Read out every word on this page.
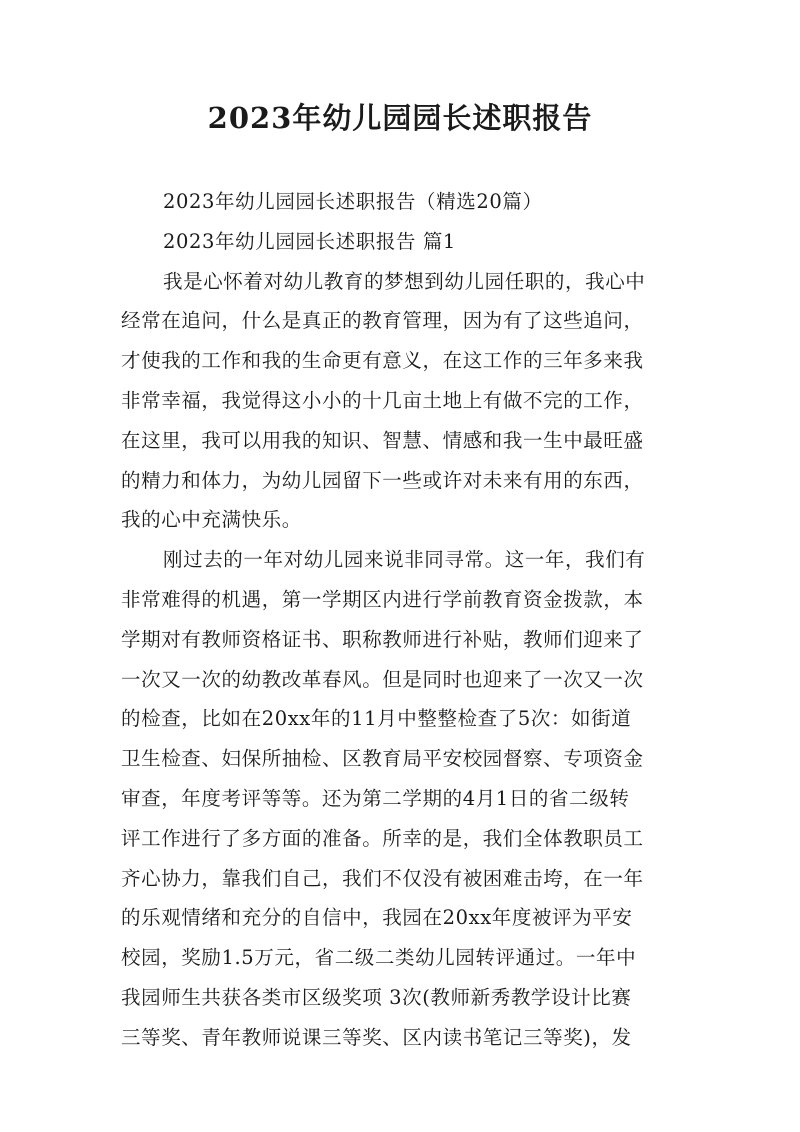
2023年幼儿园园长述职报告
2023年幼儿园园长述职报告（精选20篇）
2023年幼儿园园长述职报告 篇1
我是心怀着对幼儿教育的梦想到幼儿园任职的，我心中
经常在追问，什么是真正的教育管理，因为有了这些追问，
才使我的工作和我的生命更有意义，在这工作的三年多来我
非常幸福，我觉得这小小的十几亩土地上有做不完的工作，
在这里，我可以用我的知识、智慧、情感和我一生中最旺盛
的精力和体力，为幼儿园留下一些或许对未来有用的东西，
我的心中充满快乐。
刚过去的一年对幼儿园来说非同寻常。这一年，我们有
非常难得的机遇，第一学期区内进行学前教育资金拨款，本
学期对有教师资格证书、职称教师进行补贴，教师们迎来了
一次又一次的幼教改革春风。但是同时也迎来了一次又一次
的检查，比如在20xx年的11月中整整检查了5次：如街道
卫生检查、妇保所抽检、区教育局平安校园督察、专项资金
审查，年度考评等等。还为第二学期的4月1日的省二级转
评工作进行了多方面的准备。所幸的是，我们全体教职员工
齐心协力，靠我们自己，我们不仅没有被困难击垮，在一年
的乐观情绪和充分的自信中，我园在20xx年度被评为平安
校园，奖励1.5万元，省二级二类幼儿园转评通过。一年中
我园师生共获各类市区级奖项 3次(教师新秀教学设计比赛
三等奖、青年教师说课三等奖、区内读书笔记三等奖)，发
